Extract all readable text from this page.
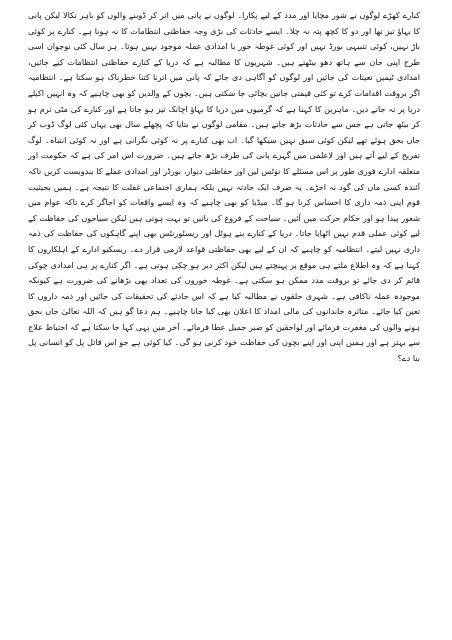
کنارے کھڑے لوگوں نے شور مچایا اور مدد کے لیے پکارا۔ لوگوں نے پانی میں اتر کر ڈوبنے والوں کو باہر نکالا لیکن پانی کا بہاؤ تیز تھا اور دو کا کچھ پتہ نہ چلا۔ ایسے حادثات کی بڑی وجہ حفاظتی انتظامات کا نہ ہونا ہے۔ کنارے پر کوئی باڑ نہیں، کوئی تنبیہی بورڈ نہیں اور کوئی غوطہ خور یا امدادی عملہ موجود نہیں ہوتا۔ ہر سال کئی نوجوان اسی طرح اپنی جان سے ہاتھ دھو بیٹھتے ہیں۔ شہریوں کا مطالبہ ہے کہ دریا کے کنارے حفاظتی انتظامات کیے جائیں، امدادی ٹیمیں تعینات کی جائیں اور لوگوں کو آگاہی دی جائے کہ پانی میں اترنا کتنا خطرناک ہو سکتا ہے۔ انتظامیہ اگر بروقت اقدامات کرے تو کئی قیمتی جانیں بچائی جا سکتی ہیں۔ بچوں کے والدین کو بھی چاہیے کہ وہ انہیں اکیلے دریا پر نہ جانے دیں۔ ماہرین کا کہنا ہے کہ گرمیوں میں دریا کا بہاؤ اچانک تیز ہو جاتا ہے اور کنارے کی مٹی نرم ہو کر بیٹھ جاتی ہے جس سے حادثات بڑھ جاتے ہیں۔ مقامی لوگوں نے بتایا کہ پچھلے سال بھی یہاں کئی لوگ ڈوب کر جاں بحق ہوئے تھے لیکن کوئی سبق نہیں سیکھا گیا۔ اب بھی کنارے پر نہ کوئی نگرانی ہے اور نہ کوئی انتباہ۔ لوگ تفریح کے لیے آتے ہیں اور لاعلمی میں گہرے پانی کی طرف بڑھ جاتے ہیں۔ ضرورت اس امر کی ہے کہ حکومت اور متعلقہ ادارے فوری طور پر اس مسئلے کا نوٹس لیں اور حفاظتی دیوار، بورڈز اور امدادی عملے کا بندوبست کریں تاکہ آئندہ کسی ماں کی گود نہ اجڑے۔ یہ صرف ایک حادثہ نہیں بلکہ ہماری اجتماعی غفلت کا نتیجہ ہے۔ ہمیں بحیثیت قوم اپنی ذمہ داری کا احساس کرنا ہو گا۔ میڈیا کو بھی چاہیے کہ وہ ایسے واقعات کو اجاگر کرے تاکہ عوام میں شعور پیدا ہو اور حکام حرکت میں آئیں۔ سیاحت کے فروغ کی باتیں تو بہت ہوتی ہیں لیکن سیاحوں کی حفاظت کے لیے کوئی عملی قدم نہیں اٹھایا جاتا۔ دریا کے کنارے بنے ہوٹل اور ریسٹورنٹس بھی اپنے گاہکوں کی حفاظت کی ذمہ داری نہیں لیتے۔ انتظامیہ کو چاہیے کہ ان کے لیے بھی حفاظتی قواعد لازمی قرار دے۔ ریسکیو ادارے کے اہلکاروں کا کہنا ہے کہ وہ اطلاع ملتے ہی موقع پر پہنچتے ہیں لیکن اکثر دیر ہو چکی ہوتی ہے۔ اگر کنارے پر ہی امدادی چوکی قائم کر دی جائے تو بروقت مدد ممکن ہو سکتی ہے۔ غوطہ خوروں کی تعداد بھی بڑھانے کی ضرورت ہے کیونکہ موجودہ عملہ ناکافی ہے۔ شہری حلقوں نے مطالبہ کیا ہے کہ اس حادثے کی تحقیقات کی جائیں اور ذمہ داروں کا تعین کیا جائے۔ متاثرہ خاندانوں کی مالی امداد کا اعلان بھی کیا جانا چاہیے۔ ہم دعا گو ہیں کہ اللہ تعالیٰ جاں بحق ہونے والوں کی مغفرت فرمائے اور لواحقین کو صبر جمیل عطا فرمائے۔ آخر میں یہی کہا جا سکتا ہے کہ احتیاط علاج سے بہتر ہے اور ہمیں اپنی اور اپنے بچوں کی حفاظت خود کرنی ہو گی۔ کیا کوئی ہے جو اس قاتل پل کو انسانی پل بنا دے؟
